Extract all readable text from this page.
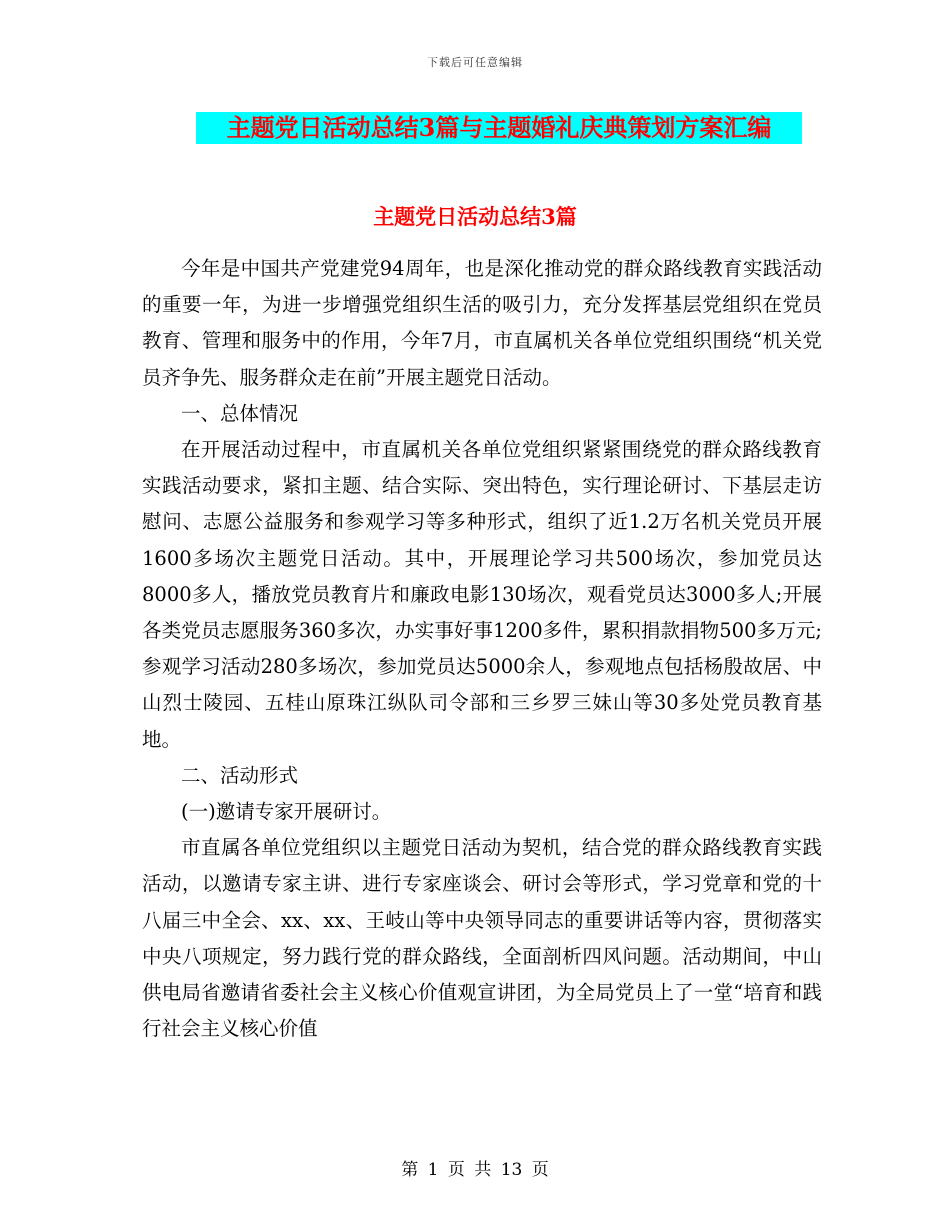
下载后可任意编辑
主题党日活动总结3篇与主题婚礼庆典策划方案汇编
主题党日活动总结3篇

今年是中国共产党建党94周年，也是深化推动党的群众路线教育实践活动的重要一年，为进一步增强党组织生活的吸引力，充分发挥基层党组织在党员教育、管理和服务中的作用，今年7月，市直属机关各单位党组织围绕“机关党员齐争先、服务群众走在前”开展主题党日活动。

一、总体情况

在开展活动过程中，市直属机关各单位党组织紧紧围绕党的群众路线教育实践活动要求，紧扣主题、结合实际、突出特色，实行理论研讨、下基层走访慰问、志愿公益服务和参观学习等多种形式，组织了近1.2万名机关党员开展1600多场次主题党日活动。其中，开展理论学习共500场次，参加党员达8000多人，播放党员教育片和廉政电影130场次，观看党员达3000多人;开展各类党员志愿服务360多次，办实事好事1200多件，累积捐款捐物500多万元;参观学习活动280多场次，参加党员达5000余人，参观地点包括杨殷故居、中山烈士陵园、五桂山原珠江纵队司令部和三乡罗三妹山等30多处党员教育基地。

二、活动形式

(一)邀请专家开展研讨。

市直属各单位党组织以主题党日活动为契机，结合党的群众路线教育实践活动，以邀请专家主讲、进行专家座谈会、研讨会等形式，学习党章和党的十八届三中全会、xx、xx、王岐山等中央领导同志的重要讲话等内容，贯彻落实中央八项规定，努力践行党的群众路线，全面剖析四风问题。活动期间，中山供电局省邀请省委社会主义核心价值观宣讲团，为全局党员上了一堂“培育和践行社会主义核心价值

第 1 页 共 13 页
